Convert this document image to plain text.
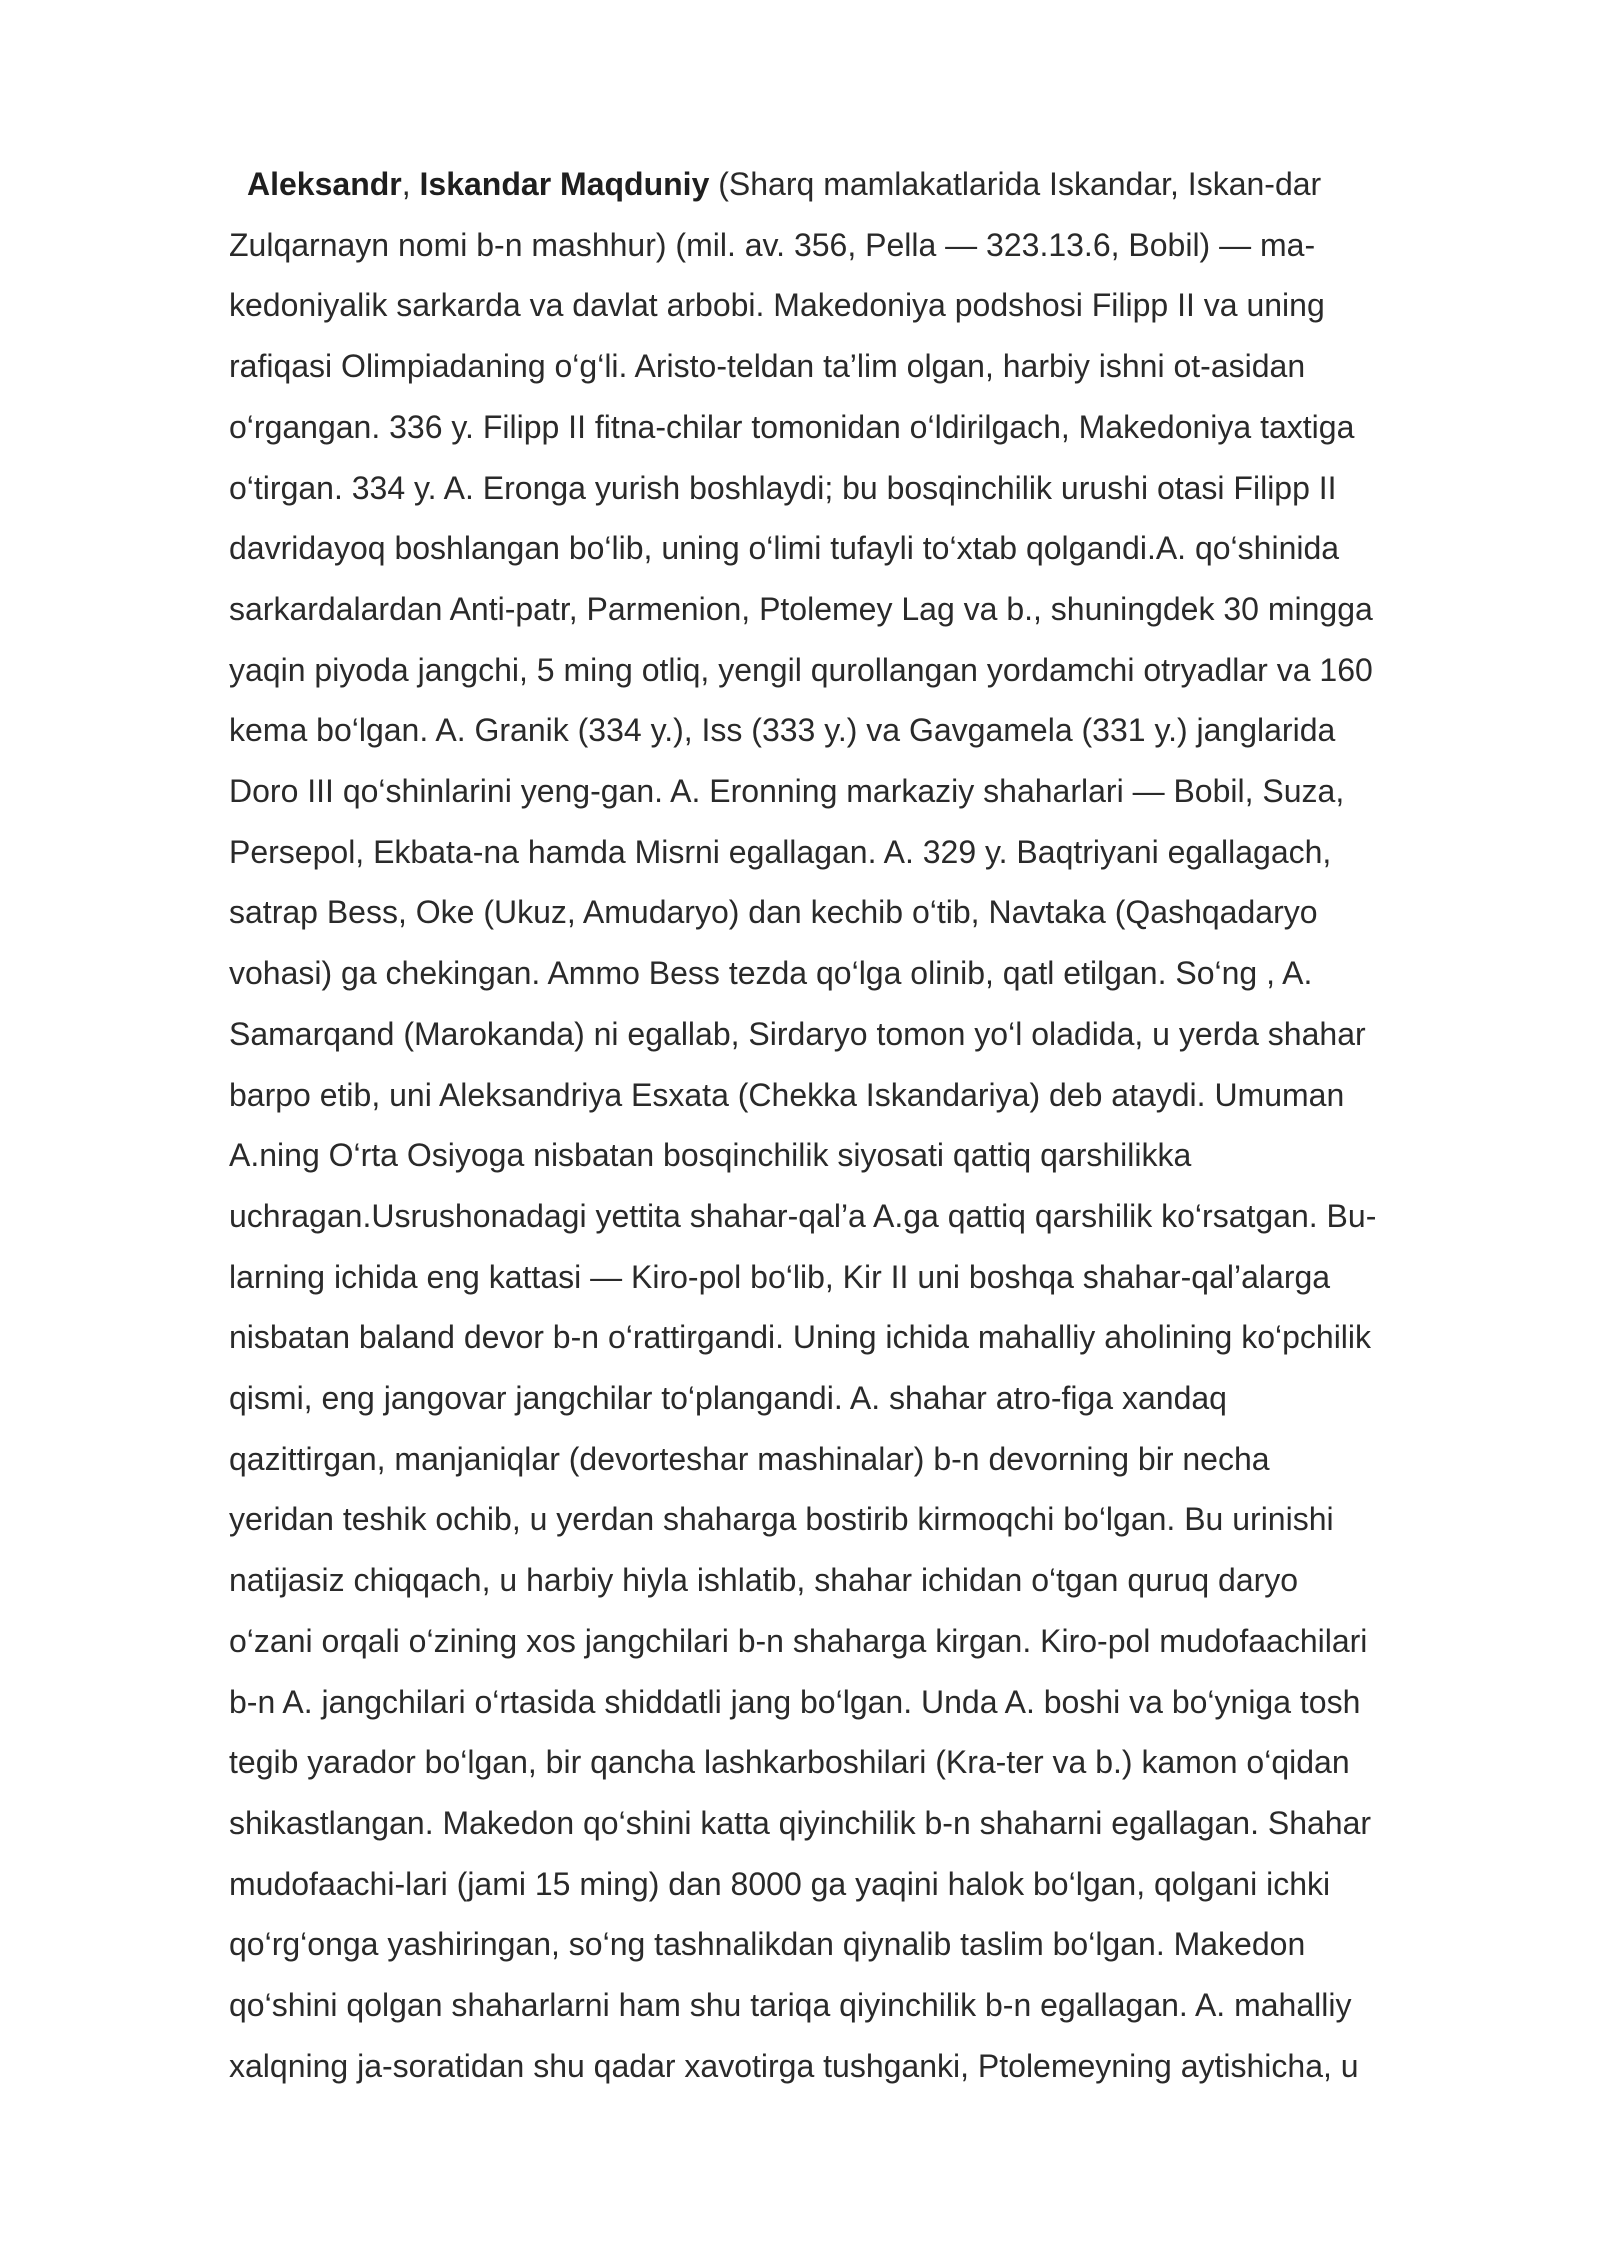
Aleksandr, Iskandar Maqduniy (Sharq mamlakatlarida Iskandar, Iskan-dar
Zulqarnayn nomi b-n mashhur) (mil. av. 356, Pella — 323.13.6, Bobil) — ma-
kedoniyalik sarkarda va davlat arbobi. Makedoniya podshosi Filipp II va uning
rafiqasi Olimpiadaning o‘g‘li. Aristo-teldan ta’lim olgan, harbiy ishni ot-asidan
o‘rgangan. 336 y. Filipp II fitna-chilar tomonidan o‘ldirilgach, Makedoniya taxtiga
o‘tirgan. 334 y. A. Eronga yurish boshlaydi; bu bosqinchilik urushi otasi Filipp II
davridayoq boshlangan bo‘lib, uning o‘limi tufayli to‘xtab qolgandi.A. qo‘shinida
sarkardalardan Anti-patr, Parmenion, Ptolemey Lag va b., shuningdek 30 mingga
yaqin piyoda jangchi, 5 ming otliq, yengil qurollangan yordamchi otryadlar va 160
kema bo‘lgan. A. Granik (334 y.), Iss (333 y.) va Gavgamela (331 y.) janglarida
Doro III qo‘shinlarini yeng-gan. A. Eronning markaziy shaharlari — Bobil, Suza,
Persepol, Ekbata-na hamda Misrni egallagan. A. 329 y. Baqtriyani egallagach,
satrap Bess, Oke (Ukuz, Amudaryo) dan kechib o‘tib, Navtaka (Qashqadaryo
vohasi) ga chekingan. Ammo Bess tezda qo‘lga olinib, qatl etilgan. So‘ng , A.
Samarqand (Marokanda) ni egallab, Sirdaryo tomon yo‘l oladida, u yerda shahar
barpo etib, uni Aleksandriya Esxata (Chekka Iskandariya) deb ataydi. Umuman
A.ning O‘rta Osiyoga nisbatan bosqinchilik siyosati qattiq qarshilikka
uchragan.Usrushonadagi yettita shahar-qal’a A.ga qattiq qarshilik ko‘rsatgan. Bu-
larning ichida eng kattasi — Kiro-pol bo‘lib, Kir II uni boshqa shahar-qal’alarga
nisbatan baland devor b-n o‘rattirgandi. Uning ichida mahalliy aholining ko‘pchilik
qismi, eng jangovar jangchilar to‘plangandi. A. shahar atro-figa xandaq
qazittirgan, manjaniqlar (devorteshar mashinalar) b-n devorning bir necha
yeridan teshik ochib, u yerdan shaharga bostirib kirmoqchi bo‘lgan. Bu urinishi
natijasiz chiqqach, u harbiy hiyla ishlatib, shahar ichidan o‘tgan quruq daryo
o‘zani orqali o‘zining xos jangchilari b-n shaharga kirgan. Kiro-pol mudofaachilari
b-n A. jangchilari o‘rtasida shiddatli jang bo‘lgan. Unda A. boshi va bo‘yniga tosh
tegib yarador bo‘lgan, bir qancha lashkarboshilari (Kra-ter va b.) kamon o‘qidan
shikastlangan. Makedon qo‘shini katta qiyinchilik b-n shaharni egallagan. Shahar
mudofaachi-lari (jami 15 ming) dan 8000 ga yaqini halok bo‘lgan, qolgani ichki
qo‘rg‘onga yashiringan, so‘ng tashnalikdan qiynalib taslim bo‘lgan. Makedon
qo‘shini qolgan shaharlarni ham shu tariqa qiyinchilik b-n egallagan. A. mahalliy
xalqning ja-soratidan shu qadar xavotirga tushganki, Ptolemeyning aytishicha, u
